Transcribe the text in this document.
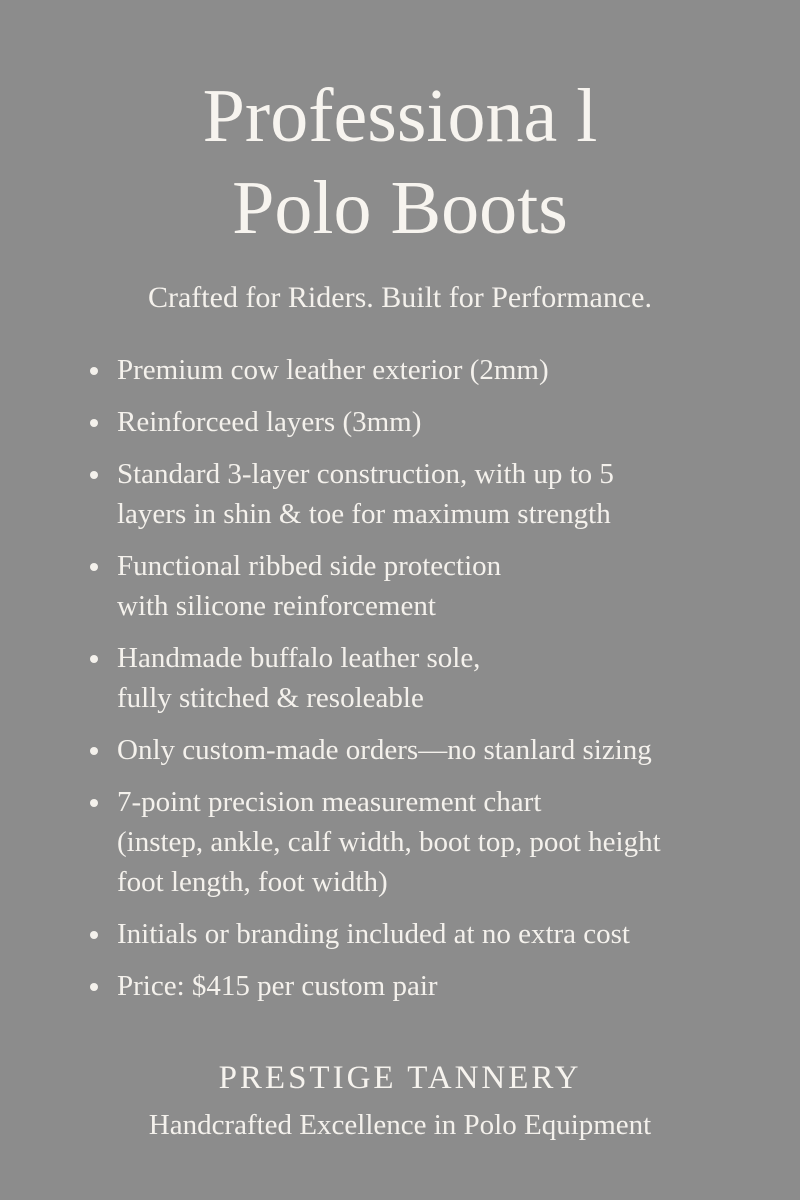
Professiona l
Polo Boots

Crafted for Riders. Built for Performance.

Premium cow leather exterior (2mm)
Reinforceed layers (3mm)
Standard 3-layer construction, with up to 5
layers in shin & toe for maximum strength
Functional ribbed side protection
with silicone reinforcement
Handmade buffalo leather sole,
fully stitched & resoleable
Only custom-made orders—no stanlard sizing
7-point precision measurement chart
(instep, ankle, calf width, boot top, poot height
foot length, foot width)
Initials or branding included at no extra cost
Price: $415 per custom pair

PRESTIGE TANNERY

Handcrafted Excellence in Polo Equipment
